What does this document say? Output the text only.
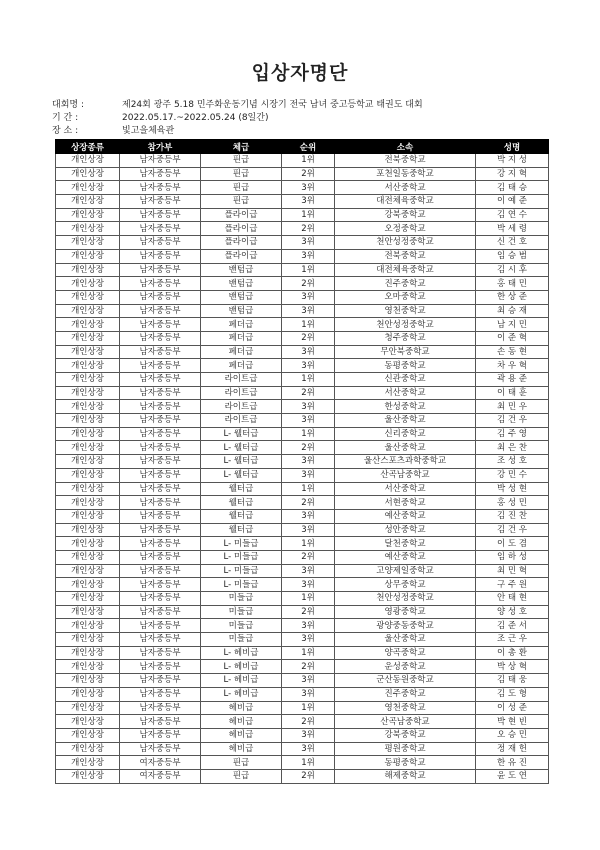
입상자명단
대회명 :	제24회 광주 5.18 민주화운동기념 시장기 전국 남녀 중고등학교 태권도 대회
기 간 :	2022.05.17.~2022.05.24 (8일간)
장 소 :	빛고을체육관
상장종류	참가부	체급	순위	소속	성명
개인상장	남자중등부	핀급	1위	전북중학교	박 지 성
개인상장	남자중등부	핀급	2위	포천일동중학교	강 지 혁
개인상장	남자중등부	핀급	3위	서산중학교	김 태 승
개인상장	남자중등부	핀급	3위	대전체육중학교	이 예 준
개인상장	남자중등부	플라이급	1위	강북중학교	김 연 수
개인상장	남자중등부	플라이급	2위	오정중학교	박 세 령
개인상장	남자중등부	플라이급	3위	천안성정중학교	신 건 호
개인상장	남자중등부	플라이급	3위	전북중학교	임 승 범
개인상장	남자중등부	밴텀급	1위	대전체육중학교	김 시 후
개인상장	남자중등부	밴텀급	2위	진주중학교	홍 태 민
개인상장	남자중등부	밴텀급	3위	오마중학교	한 상 준
개인상장	남자중등부	밴텀급	3위	영천중학교	최 승 재
개인상장	남자중등부	페더급	1위	천안성정중학교	남 지 민
개인상장	남자중등부	페더급	2위	청주중학교	이 준 혁
개인상장	남자중등부	페더급	3위	무안북중학교	손 동 현
개인상장	남자중등부	페더급	3위	동평중학교	차 우 혁
개인상장	남자중등부	라이트급	1위	신관중학교	곽 용 준
개인상장	남자중등부	라이트급	2위	서산중학교	이 태 훈
개인상장	남자중등부	라이트급	3위	한성중학교	최 민 우
개인상장	남자중등부	라이트급	3위	울산중학교	김 건 우
개인상장	남자중등부	L- 웰터급	1위	신리중학교	김 주 영
개인상장	남자중등부	L- 웰터급	2위	울산중학교	최 은 찬
개인상장	남자중등부	L- 웰터급	3위	울산스포츠과학중학교	조 성 호
개인상장	남자중등부	L- 웰터급	3위	산곡남중학교	강 민 수
개인상장	남자중등부	웰터급	1위	서산중학교	박 성 현
개인상장	남자중등부	웰터급	2위	서현중학교	홍 성 민
개인상장	남자중등부	웰터급	3위	예산중학교	김 진 찬
개인상장	남자중등부	웰터급	3위	성안중학교	김 건 우
개인상장	남자중등부	L- 미들급	1위	달천중학교	이 도 겸
개인상장	남자중등부	L- 미들급	2위	예산중학교	임 하 성
개인상장	남자중등부	L- 미들급	3위	고양제일중학교	최 민 혁
개인상장	남자중등부	L- 미들급	3위	상무중학교	구 주 원
개인상장	남자중등부	미들급	1위	천안성정중학교	안 태 현
개인상장	남자중등부	미들급	2위	영광중학교	양 성 호
개인상장	남자중등부	미들급	3위	광양중동중학교	김 준 서
개인상장	남자중등부	미들급	3위	울산중학교	조 근 우
개인상장	남자중등부	L- 헤비급	1위	양곡중학교	이 총 환
개인상장	남자중등부	L- 헤비급	2위	운성중학교	박 상 혁
개인상장	남자중등부	L- 헤비급	3위	군산동원중학교	김 태 웅
개인상장	남자중등부	L- 헤비급	3위	진주중학교	김 도 형
개인상장	남자중등부	헤비급	1위	영천중학교	이 성 준
개인상장	남자중등부	헤비급	2위	산곡남중학교	박 현 빈
개인상장	남자중등부	헤비급	3위	강북중학교	오 승 민
개인상장	남자중등부	헤비급	3위	평원중학교	정 재 헌
개인상장	여자중등부	핀급	1위	동평중학교	한 유 진
개인상장	여자중등부	핀급	2위	해제중학교	윤 도 연
